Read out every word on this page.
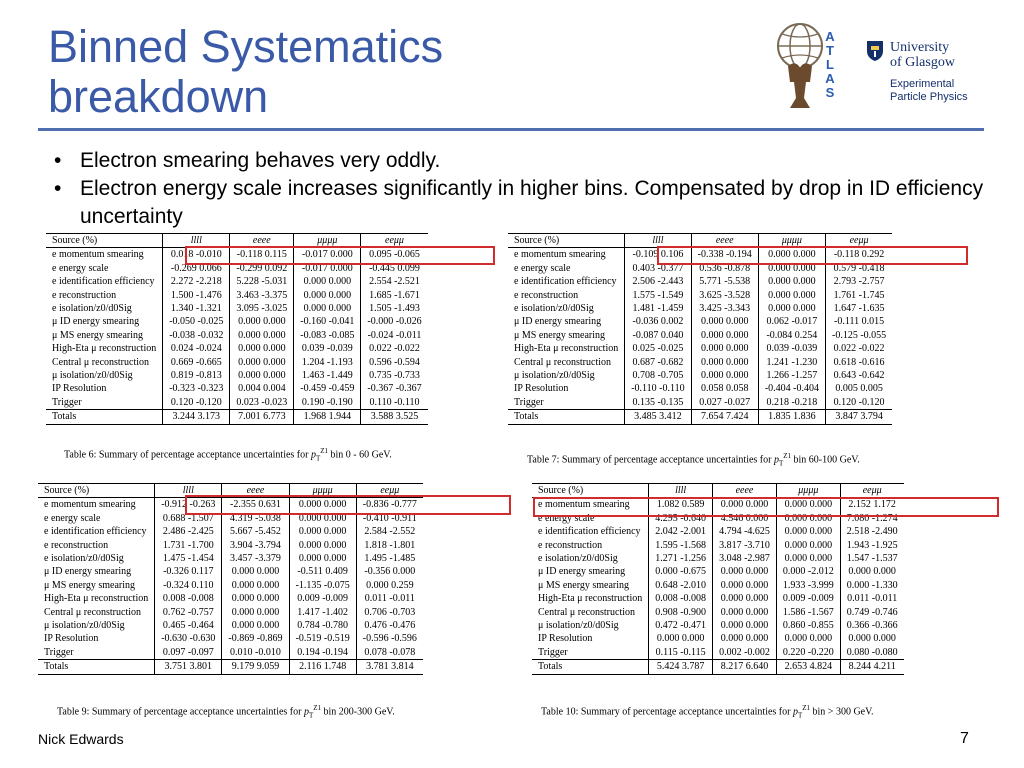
Binned Systematics
breakdown
A
T
L
A
S
University
of Glasgow
Experimental
Particle Physics
• Electron smearing behaves very oddly.
• Electron energy scale increases significantly in higher bins. Compensated by drop in ID efficiency uncertainty
Source (%)	llll	eeee	μμμμ	eeμμ
e momentum smearing	0.018 -0.010	-0.118 0.115	-0.017 0.000	0.095 -0.065
e energy scale	-0.269 0.066	-0.299 0.092	-0.017 0.000	-0.445 0.099
e identification efficiency	2.272 -2.218	5.228 -5.031	0.000 0.000	2.554 -2.521
e reconstruction	1.500 -1.476	3.463 -3.375	0.000 0.000	1.685 -1.671
e isolation/z0/d0Sig	1.340 -1.321	3.095 -3.025	0.000 0.000	1.505 -1.493
μ ID energy smearing	-0.050 -0.025	0.000 0.000	-0.160 -0.041	-0.000 -0.026
μ MS energy smearing	-0.038 -0.032	0.000 0.000	-0.083 -0.085	-0.024 -0.011
High-Eta μ reconstruction	0.024 -0.024	0.000 0.000	0.039 -0.039	0.022 -0.022
Central μ reconstruction	0.669 -0.665	0.000 0.000	1.204 -1.193	0.596 -0.594
μ isolation/z0/d0Sig	0.819 -0.813	0.000 0.000	1.463 -1.449	0.735 -0.733
IP Resolution	-0.323 -0.323	0.004 0.004	-0.459 -0.459	-0.367 -0.367
Trigger	0.120 -0.120	0.023 -0.023	0.190 -0.190	0.110 -0.110
Totals	3.244 3.173	7.001 6.773	1.968 1.944	3.588 3.525
Table 6: Summary of percentage acceptance uncertainties for $p_T^{Z1}$ bin 0 - 60 GeV.
Source (%)	llll	eeee	μμμμ	eeμμ
e momentum smearing	-0.109 0.106	-0.338 -0.194	0.000 0.000	-0.118 0.292
e energy scale	0.403 -0.377	0.536 -0.878	0.000 0.000	0.579 -0.418
e identification efficiency	2.506 -2.443	5.771 -5.538	0.000 0.000	2.793 -2.757
e reconstruction	1.575 -1.549	3.625 -3.528	0.000 0.000	1.761 -1.745
e isolation/z0/d0Sig	1.481 -1.459	3.425 -3.343	0.000 0.000	1.647 -1.635
μ ID energy smearing	-0.036 0.002	0.000 0.000	0.062 -0.017	-0.111 0.015
μ MS energy smearing	-0.087 0.040	0.000 0.000	-0.084 0.254	-0.125 -0.055
High-Eta μ reconstruction	0.025 -0.025	0.000 0.000	0.039 -0.039	0.022 -0.022
Central μ reconstruction	0.687 -0.682	0.000 0.000	1.241 -1.230	0.618 -0.616
μ isolation/z0/d0Sig	0.708 -0.705	0.000 0.000	1.266 -1.257	0.643 -0.642
IP Resolution	-0.110 -0.110	0.058 0.058	-0.404 -0.404	0.005 0.005
Trigger	0.135 -0.135	0.027 -0.027	0.218 -0.218	0.120 -0.120
Totals	3.485 3.412	7.654 7.424	1.835 1.836	3.847 3.794
Table 7: Summary of percentage acceptance uncertainties for $p_T^{Z1}$ bin 60-100 GeV.
Source (%)	llll	eeee	μμμμ	eeμμ
e momentum smearing	-0.912 -0.263	-2.355 0.631	0.000 0.000	-0.836 -0.777
e energy scale	0.688 -1.507	4.319 -5.038	0.000 0.000	-0.410 -0.911
e identification efficiency	2.486 -2.425	5.667 -5.452	0.000 0.000	2.584 -2.552
e reconstruction	1.731 -1.700	3.904 -3.794	0.000 0.000	1.818 -1.801
e isolation/z0/d0Sig	1.475 -1.454	3.457 -3.379	0.000 0.000	1.495 -1.485
μ ID energy smearing	-0.326 0.117	0.000 0.000	-0.511 0.409	-0.356 0.000
μ MS energy smearing	-0.324 0.110	0.000 0.000	-1.135 -0.075	0.000 0.259
High-Eta μ reconstruction	0.008 -0.008	0.000 0.000	0.009 -0.009	0.011 -0.011
Central μ reconstruction	0.762 -0.757	0.000 0.000	1.417 -1.402	0.706 -0.703
μ isolation/z0/d0Sig	0.465 -0.464	0.000 0.000	0.784 -0.780	0.476 -0.476
IP Resolution	-0.630 -0.630	-0.869 -0.869	-0.519 -0.519	-0.596 -0.596
Trigger	0.097 -0.097	0.010 -0.010	0.194 -0.194	0.078 -0.078
Totals	3.751 3.801	9.179 9.059	2.116 1.748	3.781 3.814
Table 9: Summary of percentage acceptance uncertainties for $p_T^{Z1}$ bin 200-300 GeV.
Source (%)	llll	eeee	μμμμ	eeμμ
e momentum smearing	1.082 0.589	0.000 0.000	0.000 0.000	2.152 1.172
e energy scale	4.295 -0.640	4.546 0.000	0.000 0.000	7.080 -1.274
e identification efficiency	2.042 -2.001	4.794 -4.625	0.000 0.000	2.518 -2.490
e reconstruction	1.595 -1.568	3.817 -3.710	0.000 0.000	1.943 -1.925
e isolation/z0/d0Sig	1.271 -1.256	3.048 -2.987	0.000 0.000	1.547 -1.537
μ ID energy smearing	0.000 -0.675	0.000 0.000	0.000 -2.012	0.000 0.000
μ MS energy smearing	0.648 -2.010	0.000 0.000	1.933 -3.999	0.000 -1.330
High-Eta μ reconstruction	0.008 -0.008	0.000 0.000	0.009 -0.009	0.011 -0.011
Central μ reconstruction	0.908 -0.900	0.000 0.000	1.586 -1.567	0.749 -0.746
μ isolation/z0/d0Sig	0.472 -0.471	0.000 0.000	0.860 -0.855	0.366 -0.366
IP Resolution	0.000 0.000	0.000 0.000	0.000 0.000	0.000 0.000
Trigger	0.115 -0.115	0.002 -0.002	0.220 -0.220	0.080 -0.080
Totals	5.424 3.787	8.217 6.640	2.653 4.824	8.244 4.211
Table 10: Summary of percentage acceptance uncertainties for $p_T^{Z1}$ bin > 300 GeV.
Nick Edwards	7
